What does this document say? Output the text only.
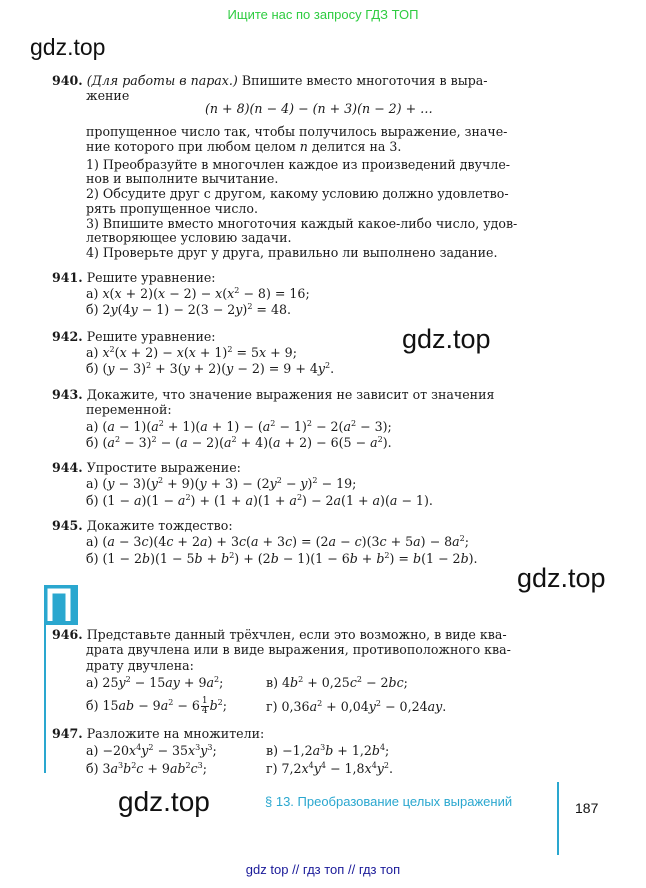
Ищите нас по запросу ГДЗ ТОП
gdz.top
gdz.top
gdz.top
gdz.top
940. (Для работы в парах.) Впишите вместо многоточия в выра-
жение
(n + 8)(n − 4) − (n + 3)(n − 2) + …
пропущенное число так, чтобы получилось выражение, значе-
ние которого при любом целом n делится на 3.
1) Преобразуйте в многочлен каждое из произведений двучле-
нов и выполните вычитание.
2) Обсудите друг с другом, какому условию должно удовлетво-
рять пропущенное число.
3) Впишите вместо многоточия каждый какое-либо число, удов-
летворяющее условию задачи.
4) Проверьте друг у друга, правильно ли выполнено задание.
941. Решите уравнение:
а) $x(x + 2)(x - 2) - x(x^2 - 8) = 16$;
б) $2y(4y - 1) - 2(3 - 2y)^2 = 48$.
942. Решите уравнение:
а) $x^2(x + 2) - x(x + 1)^2 = 5x + 9$;
б) $(y - 3)^2 + 3(y + 2)(y - 2) = 9 + 4y^2$.
943. Докажите, что значение выражения не зависит от значения
переменной:
а) $(a - 1)(a^2 + 1)(a + 1) - (a^2 - 1)^2 - 2(a^2 - 3)$;
б) $(a^2 - 3)^2 - (a - 2)(a^2 + 4)(a + 2) - 6(5 - a^2)$.
944. Упростите выражение:
а) $(y - 3)(y^2 + 9)(y + 3) - (2y^2 - y)^2 - 19$;
б) $(1 - a)(1 - a^2) + (1 + a)(1 + a^2) - 2a(1 + a)(a - 1)$.
945. Докажите тождество:
а) $(a - 3c)(4c + 2a) + 3c(a + 3c) = (2a - c)(3c + 5a) - 8a^2$;
б) $(1 - 2b)(1 - 5b + b^2) + (2b - 1)(1 - 6b + b^2) = b(1 - 2b)$.
946. Представьте данный трёхчлен, если это возможно, в виде ква-
драта двучлена или в виде выражения, противоположного ква-
драту двучлена:
а) $25y^2 - 15ay + 9a^2$;	в) $4b^2 + 0,25c^2 - 2bc$;
б) $15ab - 9a^2 - 6 \frac{1}{4} b^2$;	г) $0,36a^2 + 0,04y^2 - 0,24ay$.
947. Разложите на множители:
$а) -20x^4y^2 - 35x^3y^3$;	$в) -1,2a^3b + 1,2b^4$;
б) $3a^3b^2c + 9ab^2c^3$;	г) $7,2x^4y^4 - 1,8x^4y^2$.
§ 13. Преобразование целых выражений	187
gdz top // гдз топ // гдз топ
